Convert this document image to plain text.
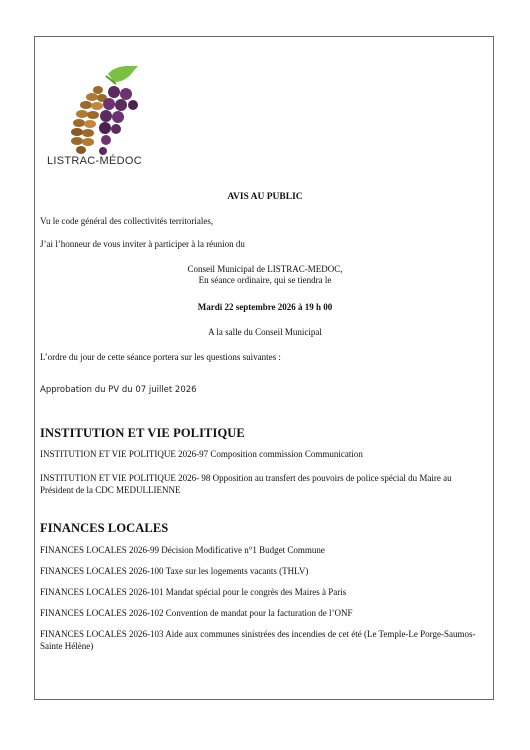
LISTRAC-MÉDOC
AVIS AU PUBLIC
Vu le code général des collectivités territoriales,
J’ai l’honneur de vous inviter à participer à la réunion du
Conseil Municipal de LISTRAC-MEDOC,
En séance ordinaire, qui se tiendra le
Mardi 22 septembre 2026 à 19 h 00
A la salle du Conseil Municipal
L’ordre du jour de cette séance portera sur les questions suivantes :
Approbation du PV du 07 juillet 2026
INSTITUTION ET VIE POLITIQUE
INSTITUTION ET VIE POLITIQUE 2026-97 Composition commission Communication
INSTITUTION ET VIE POLITIQUE 2026- 98 Opposition au transfert des pouvoirs de police spécial du Maire au Président de la CDC MEDULLIENNE
FINANCES LOCALES
FINANCES LOCALES 2026-99 Décision Modificative n°1 Budget Commune
FINANCES LOCALES 2026-100 Taxe sur les logements vacants (THLV)
FINANCES LOCALES 2026-101 Mandat spécial pour le congrès des Maires à Paris
FINANCES LOCALES 2026-102 Convention de mandat pour la facturation de l’ONF
FINANCES LOCALES 2026-103 Aide aux communes sinistrées des incendies de cet été (Le Temple-Le Porge-Saumos-Sainte Hélène)
